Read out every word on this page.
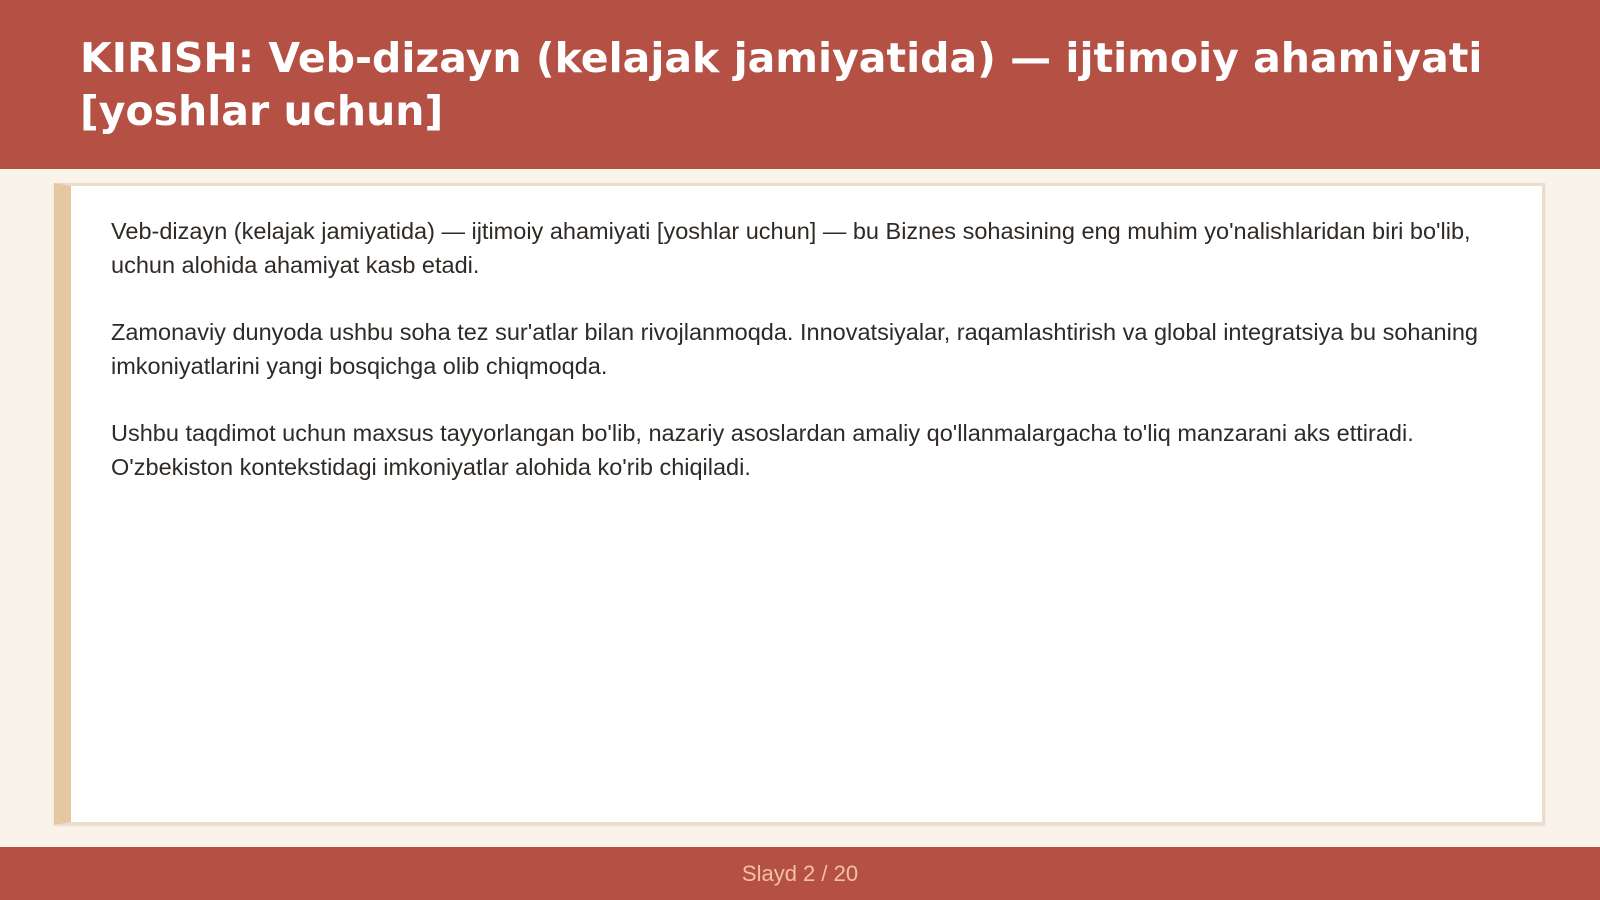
KIRISH: Veb-dizayn (kelajak jamiyatida) — ijtimoiy ahamiyati [yoshlar uchun]

Veb-dizayn (kelajak jamiyatida) — ijtimoiy ahamiyati [yoshlar uchun] — bu Biznes sohasining eng muhim yo'nalishlaridan biri bo'lib, uchun alohida ahamiyat kasb etadi.

Zamonaviy dunyoda ushbu soha tez sur'atlar bilan rivojlanmoqda. Innovatsiyalar, raqamlashtirish va global integratsiya bu sohaning imkoniyatlarini yangi bosqichga olib chiqmoqda.

Ushbu taqdimot uchun maxsus tayyorlangan bo'lib, nazariy asoslardan amaliy qo'llanmalargacha to'liq manzarani aks ettiradi. O'zbekiston kontekstidagi imkoniyatlar alohida ko'rib chiqiladi.

Slayd 2 / 20
